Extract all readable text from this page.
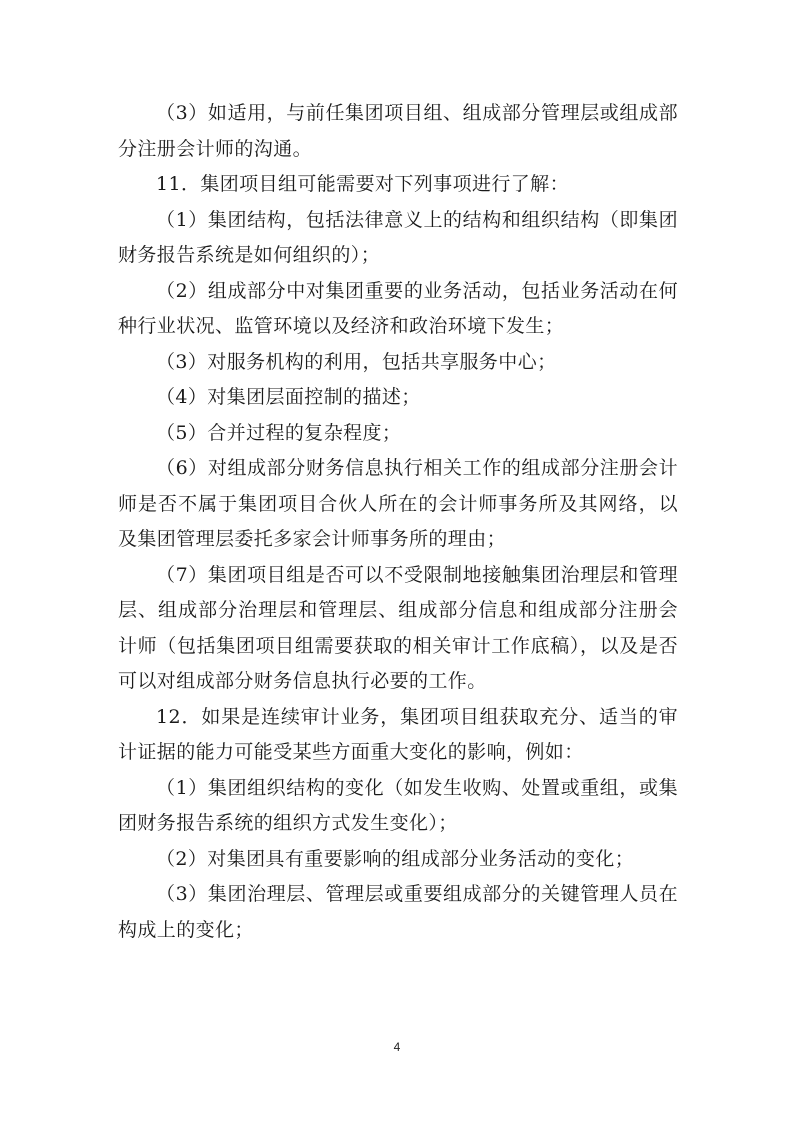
（3）如适用，与前任集团项目组、组成部分管理层或组成部分注册会计师的沟通。

11．集团项目组可能需要对下列事项进行了解：

（1）集团结构，包括法律意义上的结构和组织结构（即集团财务报告系统是如何组织的）；

（2）组成部分中对集团重要的业务活动，包括业务活动在何种行业状况、监管环境以及经济和政治环境下发生；

（3）对服务机构的利用，包括共享服务中心；

（4）对集团层面控制的描述；

（5）合并过程的复杂程度；

（6）对组成部分财务信息执行相关工作的组成部分注册会计师是否不属于集团项目合伙人所在的会计师事务所及其网络，以及集团管理层委托多家会计师事务所的理由；

（7）集团项目组是否可以不受限制地接触集团治理层和管理层、组成部分治理层和管理层、组成部分信息和组成部分注册会计师（包括集团项目组需要获取的相关审计工作底稿），以及是否可以对组成部分财务信息执行必要的工作。

12．如果是连续审计业务，集团项目组获取充分、适当的审计证据的能力可能受某些方面重大变化的影响，例如：

（1）集团组织结构的变化（如发生收购、处置或重组，或集团财务报告系统的组织方式发生变化）；

（2）对集团具有重要影响的组成部分业务活动的变化；

（3）集团治理层、管理层或重要组成部分的关键管理人员在构成上的变化；

4
